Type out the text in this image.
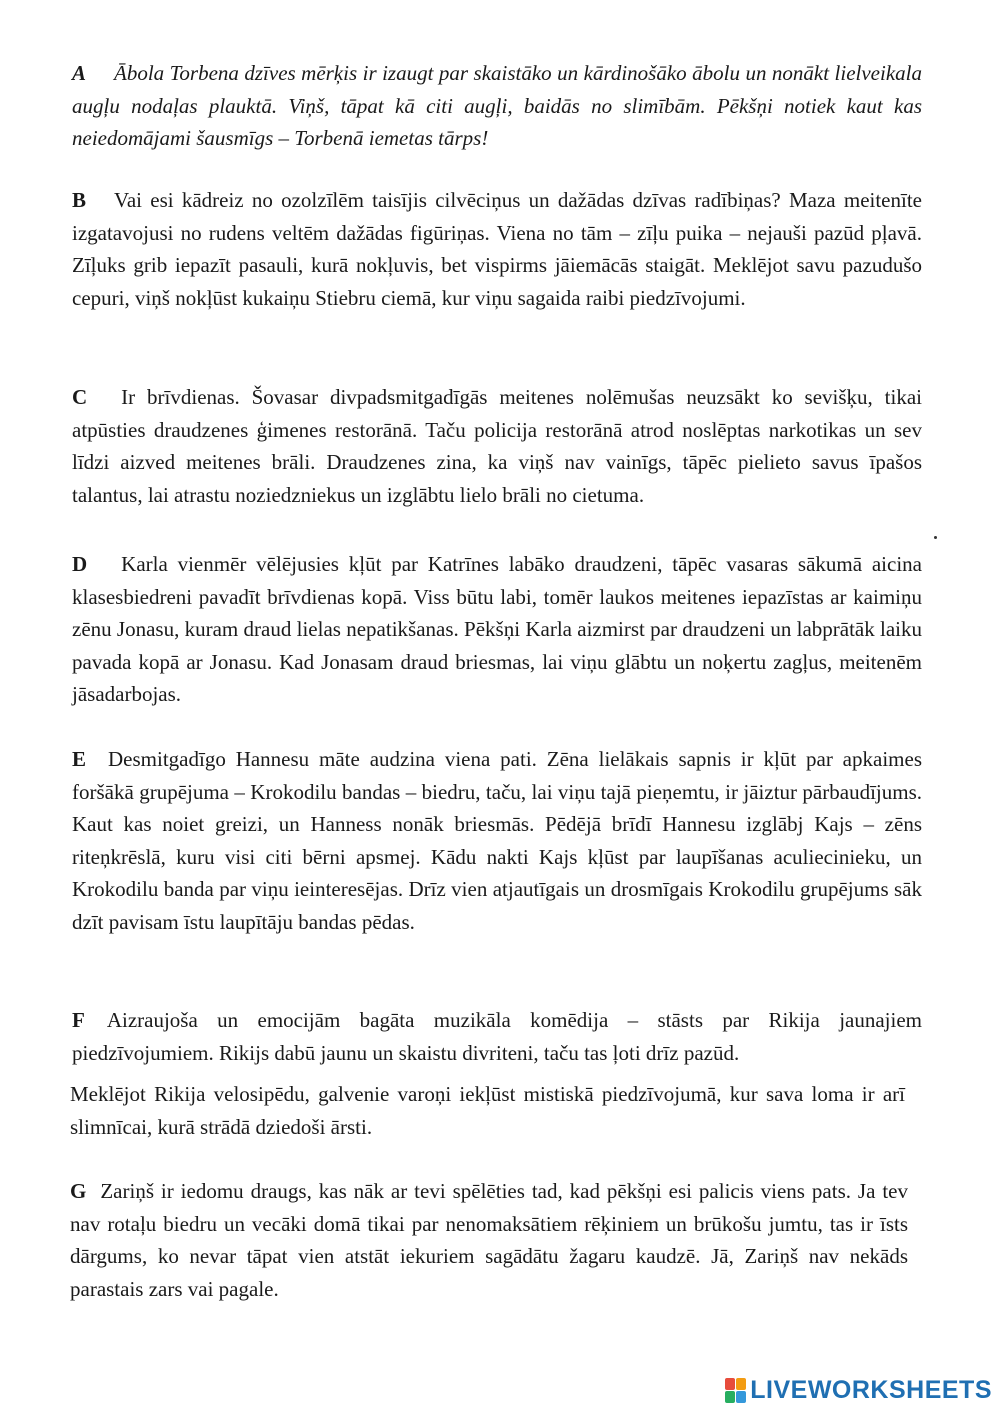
A Ābola Torbena dzīves mērķis ir izaugt par skaistāko un kārdinošāko ābolu un nonākt lielveikala augļu nodaļas plauktā. Viņš, tāpat kā citi augļi, baidās no slimībām. Pēkšņi notiek kaut kas neiedomājami šausmīgs – Torbenā iemetas tārps!
B Vai esi kādreiz no ozolzīlēm taisījis cilvēciņus un dažādas dzīvas radībiņas? Maza meitenīte izgatavojusi no rudens veltēm dažādas figūriņas. Viena no tām – zīļu puika – nejauši pazūd pļavā. Zīļuks grib iepazīt pasauli, kurā nokļuvis, bet vispirms jāiemācās staigāt. Meklējot savu pazudušo cepuri, viņš nokļūst kukaiņu Stiebru ciemā, kur viņu sagaida raibi piedzīvojumi.
C Ir brīvdienas. Šovasar divpadsmitgadīgās meitenes nolēmušas neuzsākt ko sevišķu, tikai atpūsties draudzenes ģimenes restorānā. Taču policija restorānā atrod noslēptas narkotikas un sev līdzi aizved meitenes brāli. Draudzenes zina, ka viņš nav vainīgs, tāpēc pielieto savus īpašos talantus, lai atrastu noziedzniekus un izglābtu lielo brāli no cietuma.
D Karla vienmēr vēlējusies kļūt par Katrīnes labāko draudzeni, tāpēc vasaras sākumā aicina klasesbiedreni pavadīt brīvdienas kopā. Viss būtu labi, tomēr laukos meitenes iepazīstas ar kaimiņu zēnu Jonasu, kuram draud lielas nepatikšanas. Pēkšņi Karla aizmirst par draudzeni un labprātāk laiku pavada kopā ar Jonasu. Kad Jonasam draud briesmas, lai viņu glābtu un noķertu zagļus, meitenēm jāsadarbojas.
E Desmitgadīgo Hannesu māte audzina viena pati. Zēna lielākais sapnis ir kļūt par apkaimes foršākā grupējuma – Krokodilu bandas – biedru, taču, lai viņu tajā pieņemtu, ir jāiztur pārbaudījums. Kaut kas noiet greizi, un Hanness nonāk briesmās. Pēdējā brīdī Hannesu izglābj Kajs – zēns riteņkrēslā, kuru visi citi bērni apsmej. Kādu nakti Kajs kļūst par laupīšanas aculiecinieku, un Krokodilu banda par viņu ieinteresējas. Drīz vien atjautīgais un drosmīgais Krokodilu grupējums sāk dzīt pavisam īstu laupītāju bandas pēdas.
F Aizraujoša un emocijām bagāta muzikāla komēdija – stāsts par Rikija jaunajiem piedzīvojumiem. Rikijs dabū jaunu un skaistu divriteni, taču tas ļoti drīz pazūd.
Meklējot Rikija velosipēdu, galvenie varoņi iekļūst mistiskā piedzīvojumā, kur sava loma ir arī slimnīcai, kurā strādā dziedoši ārsti.
G Zariņš ir iedomu draugs, kas nāk ar tevi spēlēties tad, kad pēkšņi esi palicis viens pats. Ja tev nav rotaļu biedru un vecāki domā tikai par nenomaksātiem rēķiniem un brūkošu jumtu, tas ir īsts dārgums, ko nevar tāpat vien atstāt iekuriem sagādātu žagaru kaudzē. Jā, Zariņš nav nekāds parastais zars vai pagale.
LIVEWORKSHEETS
